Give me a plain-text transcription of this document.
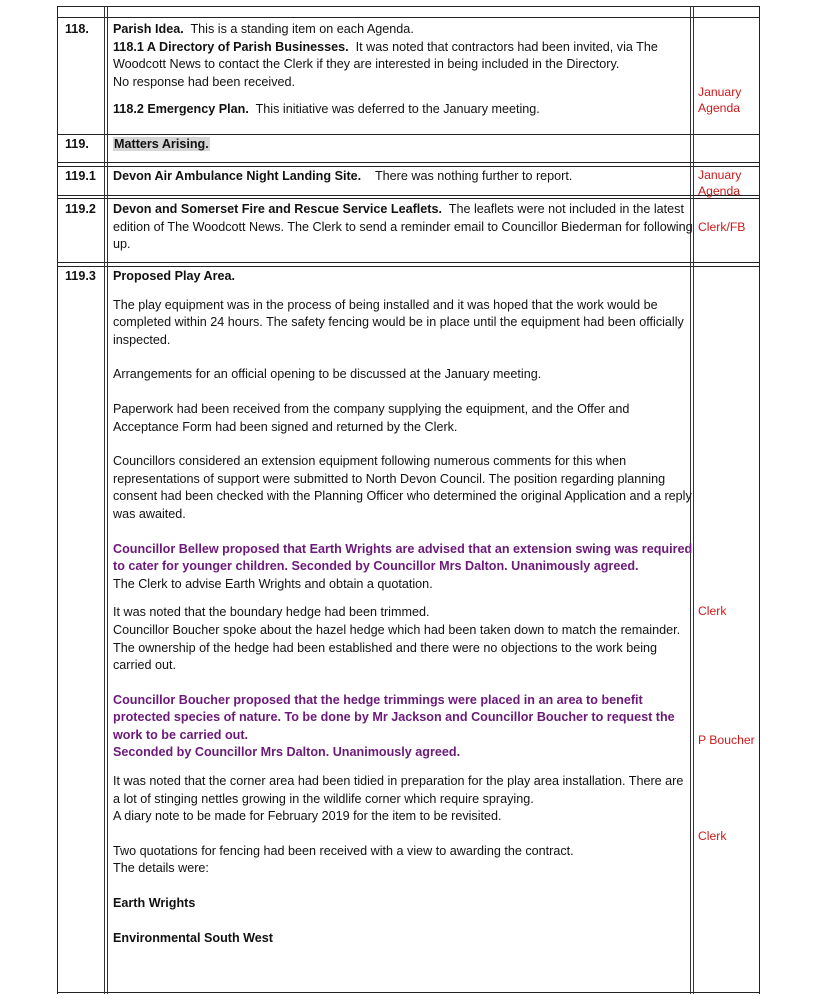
118. Parish Idea. This is a standing item on each Agenda.

118.1 A Directory of Parish Businesses. It was noted that contractors had been invited, via The Woodcott News to contact the Clerk if they are interested in being included in the Directory.

No response had been received.

118.2 Emergency Plan. This initiative was deferred to the January meeting.

January Agenda
119. Matters Arising.
119.1 Devon Air Ambulance Night Landing Site. There was nothing further to report.	January Agenda
119.2 Devon and Somerset Fire and Rescue Service Leaflets. The leaflets were not included in the latest edition of The Woodcott News. The Clerk to send a reminder email to Councillor Biederman for following up.
Clerk/FB
119.3 Proposed Play Area.

The play equipment was in the process of being installed and it was hoped that the work would be completed within 24 hours. The safety fencing would be in place until the equipment had been officially inspected.

Arrangements for an official opening to be discussed at the January meeting.

Paperwork had been received from the company supplying the equipment, and the Offer and Acceptance Form had been signed and returned by the Clerk.

Councillors considered an extension equipment following numerous comments for this when representations of support were submitted to North Devon Council. The position regarding planning consent had been checked with the Planning Officer who determined the original Application and a reply was awaited.

Councillor Bellew proposed that Earth Wrights are advised that an extension swing was required to cater for younger children. Seconded by Councillor Mrs Dalton. Unanimously agreed.

The Clerk to advise Earth Wrights and obtain a quotation.

It was noted that the boundary hedge had been trimmed.

Councillor Boucher spoke about the hazel hedge which had been taken down to match the remainder. The ownership of the hedge had been established and there were no objections to the work being carried out.

Councillor Boucher proposed that the hedge trimmings were placed in an area to benefit protected species of nature. To be done by Mr Jackson and Councillor Boucher to request the work to be carried out.

Seconded by Councillor Mrs Dalton. Unanimously agreed.

It was noted that the corner area had been tidied in preparation for the play area installation. There are a lot of stinging nettles growing in the wildlife corner which require spraying.

A diary note to be made for February 2019 for the item to be revisited.

Two quotations for fencing had been received with a view to awarding the contract.

The details were:

Earth Wrights

Environmental South West

Clerk
P Boucher
Clerk
